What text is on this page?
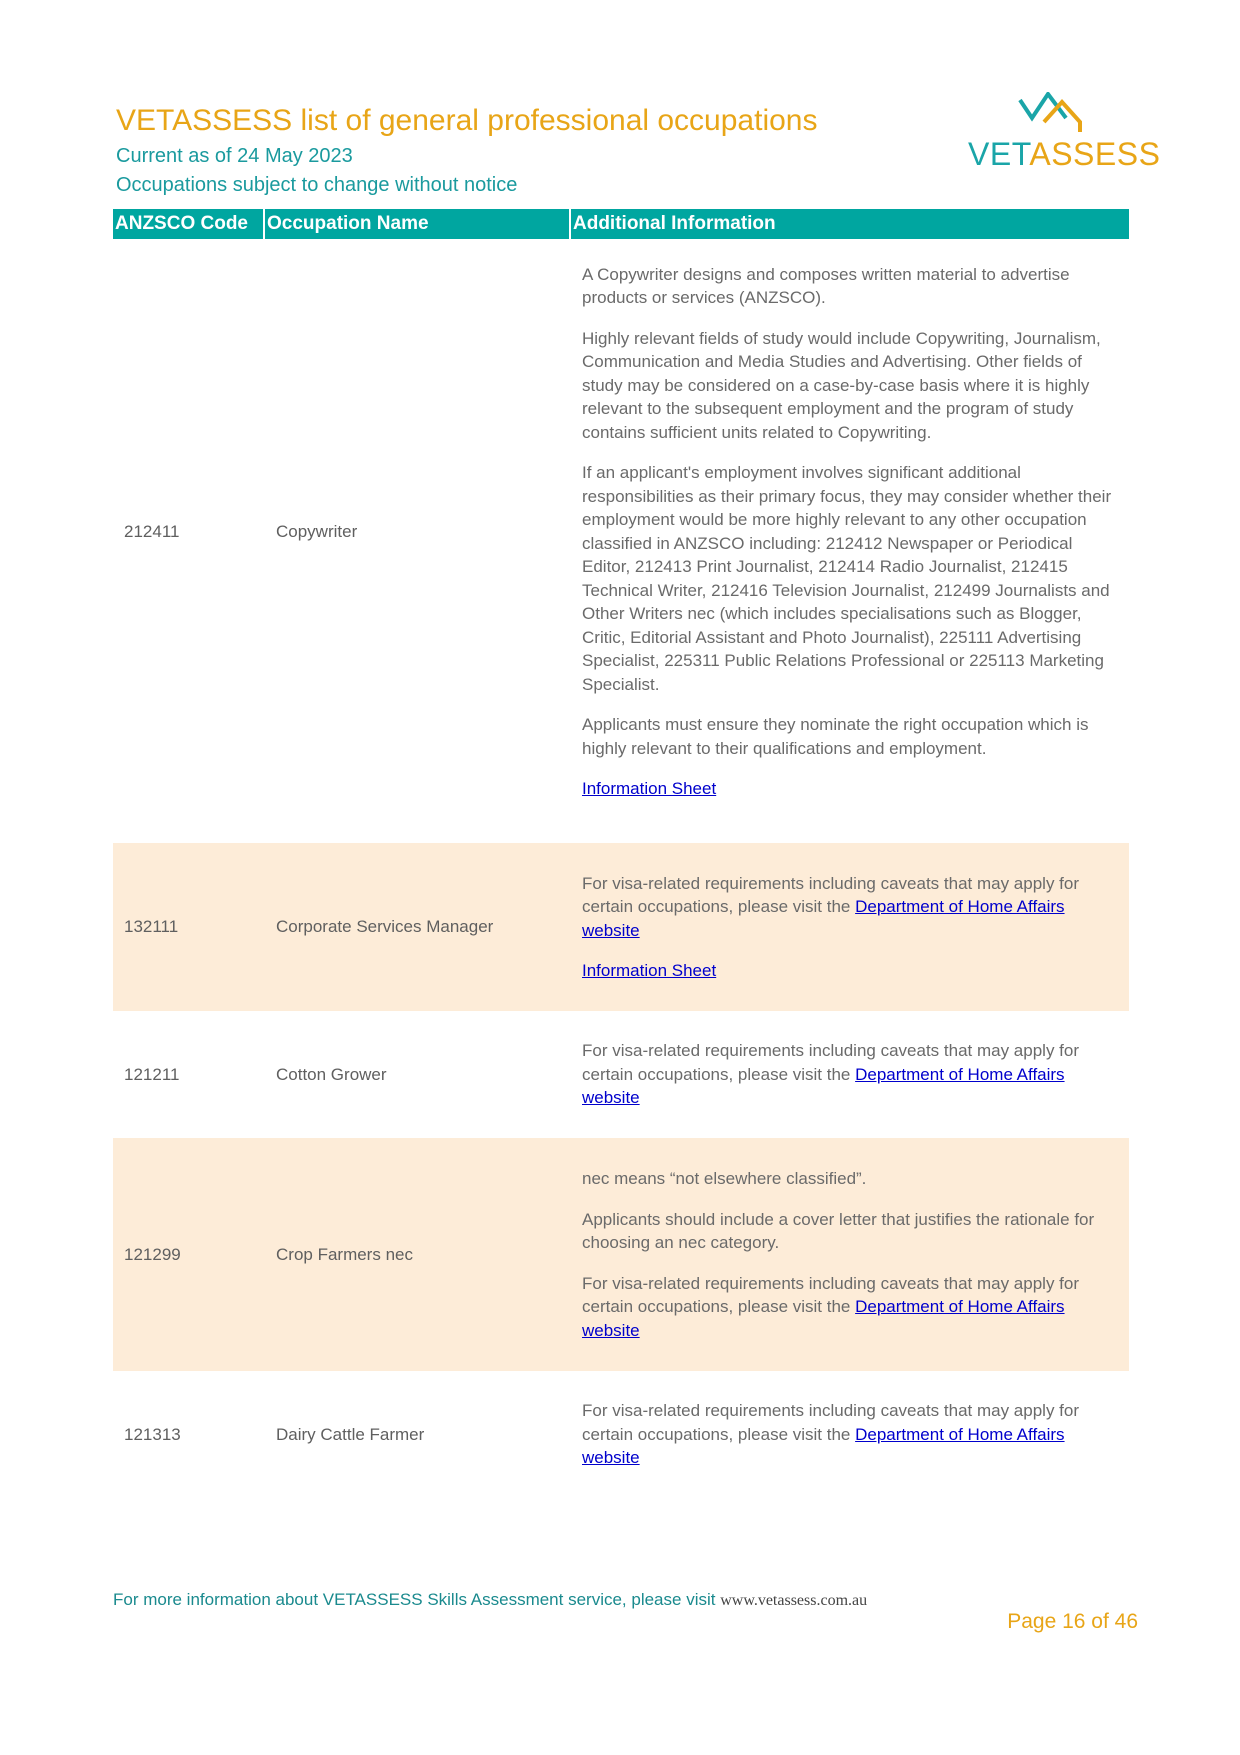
VETASSESS list of general professional occupations
Current as of 24 May 2023
Occupations subject to change without notice
VETASSESS
ANZSCO Code	Occupation Name	Additional Information
212411	Copywriter

A Copywriter designs and composes written material to advertise products or services (ANZSCO).

Highly relevant fields of study would include Copywriting, Journalism, Communication and Media Studies and Advertising. Other fields of study may be considered on a case-by-case basis where it is highly relevant to the subsequent employment and the program of study contains sufficient units related to Copywriting.

If an applicant's employment involves significant additional responsibilities as their primary focus, they may consider whether their employment would be more highly relevant to any other occupation classified in ANZSCO including: 212412 Newspaper or Periodical Editor, 212413 Print Journalist, 212414 Radio Journalist, 212415 Technical Writer, 212416 Television Journalist, 212499 Journalists and Other Writers nec (which includes specialisations such as Blogger, Critic, Editorial Assistant and Photo Journalist), 225111 Advertising Specialist, 225311 Public Relations Professional or 225113 Marketing Specialist.

Applicants must ensure they nominate the right occupation which is highly relevant to their qualifications and employment.

Information Sheet

132111	Corporate Services Manager

For visa-related requirements including caveats that may apply for certain occupations, please visit the Department of Home Affairs website

Information Sheet

121211	Cotton Grower

For visa-related requirements including caveats that may apply for certain occupations, please visit the Department of Home Affairs website

121299	Crop Farmers nec

nec means “not elsewhere classified”.

Applicants should include a cover letter that justifies the rationale for choosing an nec category.

For visa-related requirements including caveats that may apply for certain occupations, please visit the Department of Home Affairs website

121313	Dairy Cattle Farmer

For visa-related requirements including caveats that may apply for certain occupations, please visit the Department of Home Affairs website

For more information about VETASSESS Skills Assessment service, please visit www.vetassess.com.au
Page 16 of 46
